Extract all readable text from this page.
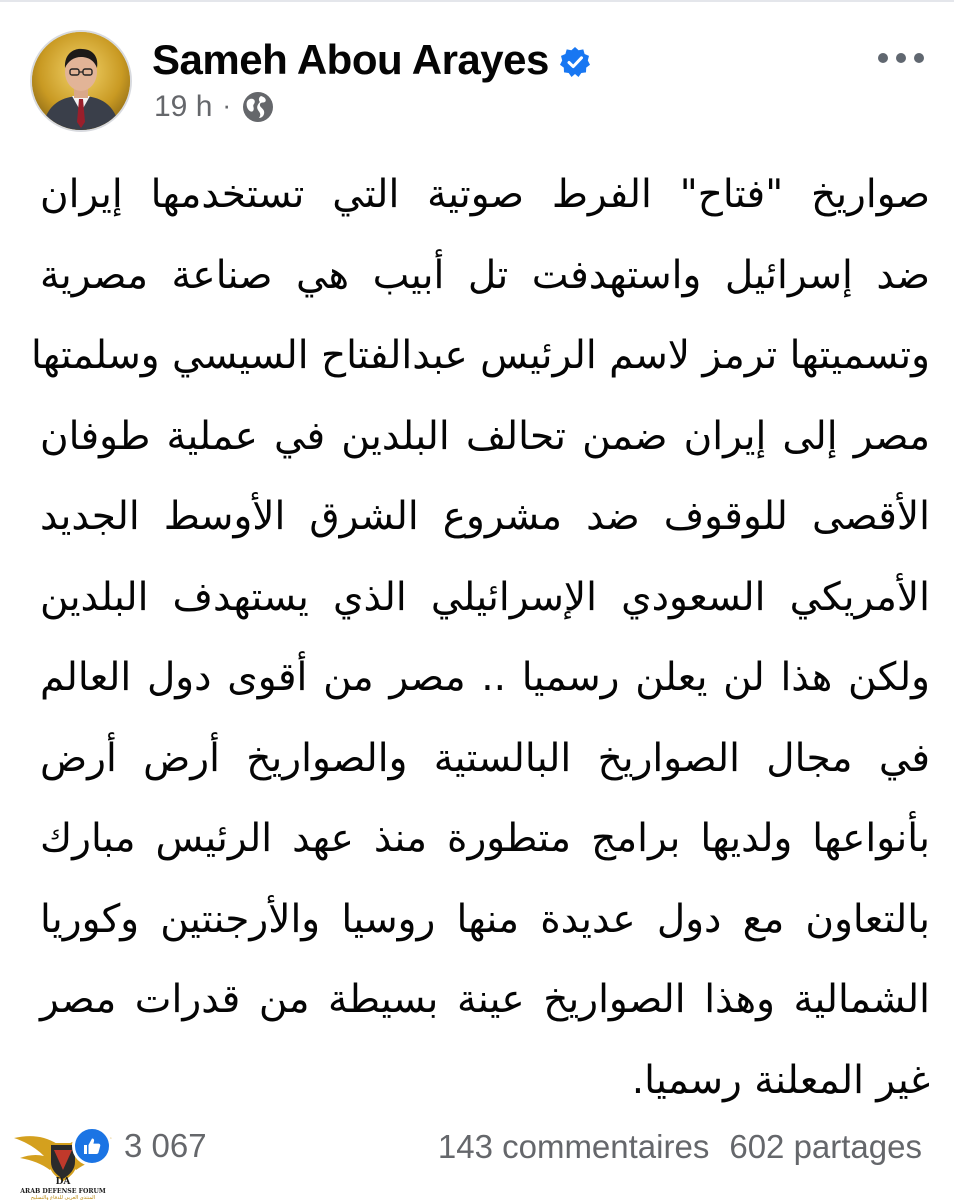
Sameh Abou Arayes
19 h ·
صواريخ "فتاح" الفرط صوتية التي تستخدمها إيران
ضد إسرائيل واستهدفت تل أبيب هي صناعة مصرية
وتسميتها ترمز لاسم الرئيس عبدالفتاح السيسي وسلمتها
مصر إلى إيران ضمن تحالف البلدين في عملية طوفان
الأقصى للوقوف ضد مشروع الشرق الأوسط الجديد
الأمريكي السعودي الإسرائيلي الذي يستهدف البلدين
ولكن هذا لن يعلن رسميا .. مصر من أقوى دول العالم
في مجال الصواريخ البالستية والصواريخ أرض أرض
بأنواعها ولديها برامج متطورة منذ عهد الرئيس مبارك
بالتعاون مع دول عديدة منها روسيا والأرجنتين وكوريا
الشمالية وهذا الصواريخ عينة بسيطة من قدرات مصر
غير المعلنة رسميا.
DA
ARAB DEFENSE FORUM
المنتدى العربي للدفاع والتسليح
3 067	143 commentaires 602 partages
